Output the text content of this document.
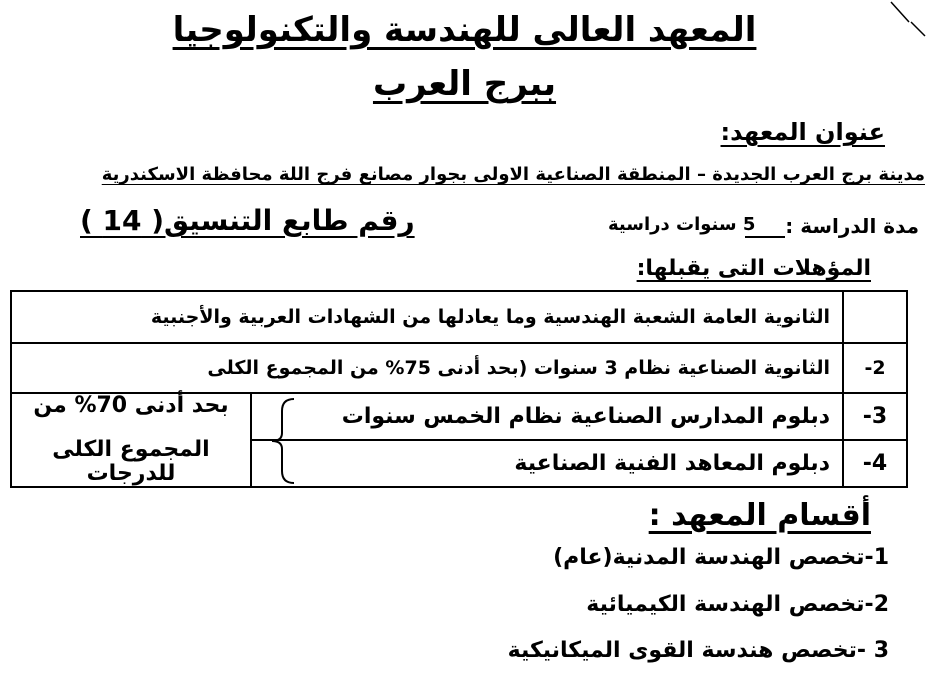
المعهد العالى للهندسة والتكنولوجيا
ببرج العرب
عنوان المعهد:
مدينة برج العرب الجديدة – المنطقة الصناعية الاولى بجوار مصانع فرج اللة محافظة الاسكندرية
مدة الدراسة :
5 سنوات دراسية
رقم طابع التنسيق( 14 )
المؤهلات التى يقبلها:
	الثانوية العامة الشعبة الهندسية وما يعادلها من الشهادات العربية والأجنبية	
2-	الثانوية الصناعية نظام 3 سنوات (بحد أدنى 75% من المجموع الكلى	
3-	دبلوم المدارس الصناعية نظام الخمس سنوات	بحد أدنى 70% من
المجموع الكلى للدرجات

4-	دبلوم المعاهد الفنية الصناعية	
أقسام المعهد :
1-تخصص الهندسة المدنية(عام)
2-تخصص الهندسة الكيميائية
3 -تخصص هندسة القوى الميكانيكية
